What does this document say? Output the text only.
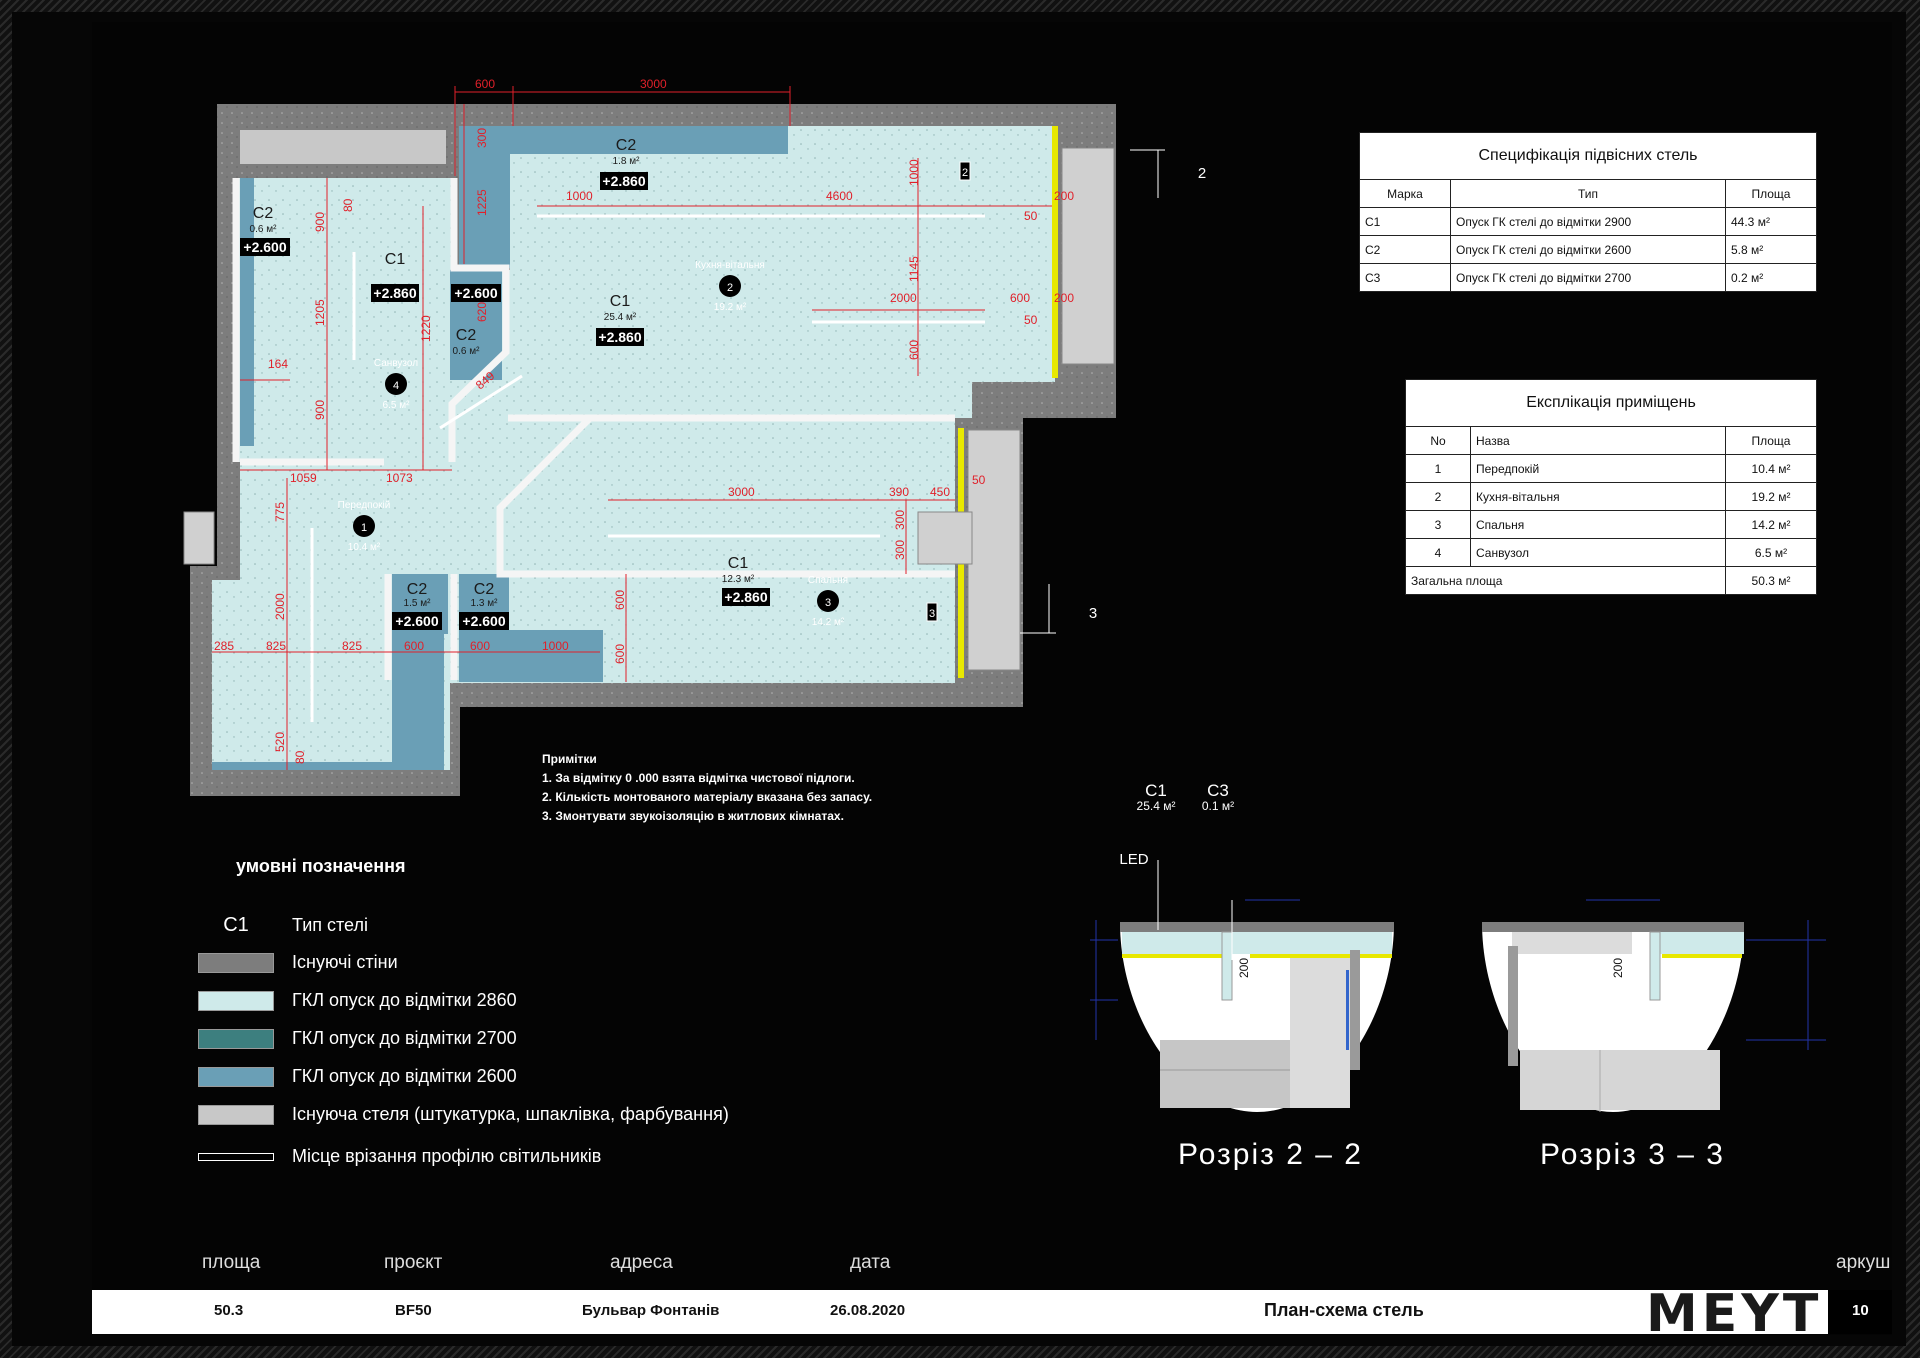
600	3000
1000	4600	200
50
2000	600 200
50
1059	1073
3000	390 450
50
285	825	825	600	600	1000
164
849
900
1205
900
80
1220
620
1225
300
1000
1145
600
300
300
775
2000
520
80
600
600
C2
1.8 м²
C2
0.6 м²
C1
C1
25.4 м²
C2
0.6 м²
C1
12.3 м²
C2
1.5 м²
C2
1.3 м²
+2.860
+2.600
+2.860	+2.600
+2.860
+2.860
+2.600 +2.600
2
Кухня-вітальня
19.2 м²
4
Санвузол
6.5 м²
1
Передпокій
10.4 м²
3
Спальня
14.2 м²
2	2
3	3
Специфікація підвісних стель		
Марка	Тип	Площа
C1	Опуск ГК стелі до відмітки 2900	44.3 м²
C2	Опуск ГК стелі до відмітки 2600	5.8 м²
C3	Опуск ГК стелі до відмітки 2700	0.2 м²
Експлікація приміщень		
No	Назва	Площа
1	Передпокій	10.4 м²
2	Кухня-вітальня	19.2 м²
3	Спальня	14.2 м²
4	Санвузол	6.5 м²
Загальна площа		50.3 м²
Примітки
1. За відмітку 0 .000 взята відмітка чистової підлоги.
2. Кількість монтованого матеріалу вказана без запасу.
3. Змонтувати звукоізоляцію в житлових кімнатах.
умовні позначення
C1	Тип стелі
Існуючі стіни
ГКЛ опуск до відмітки 2860
ГКЛ опуск до відмітки 2700
ГКЛ опуск до відмітки 2600
Існуюча стеля (штукатурка, шпаклівка, фарбування)
Місце врізання профілю світильників
200
C1
25.4 м²
C3
0.1 м²
LED
200
Розріз 2 – 2	Розріз 3 – 3
площа	проєкт	адреса	дата	аркуш
50.3	BF50	Бульвар Фонтанів	26.08.2020	План-схема стель	MEYT 10
